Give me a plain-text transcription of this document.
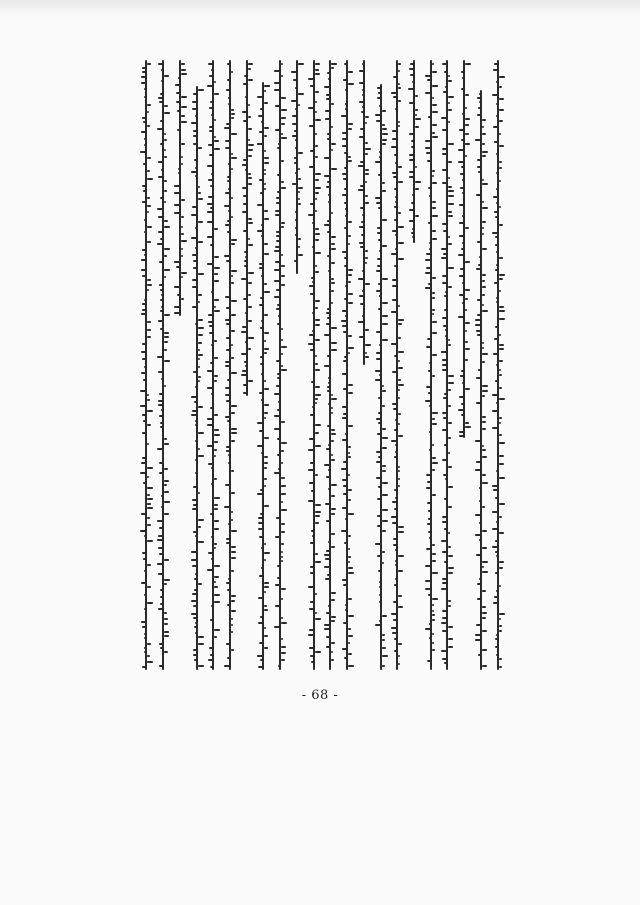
- 68 -
